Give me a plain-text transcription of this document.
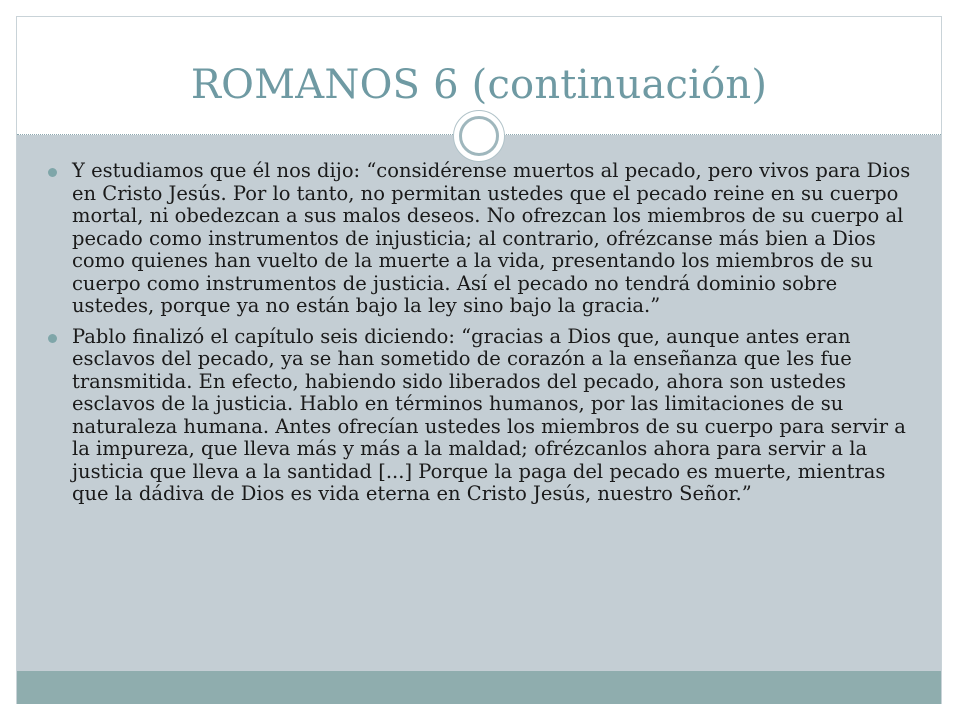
ROMANOS 6 (continuación)
Y estudiamos que él nos dijo: “considérense muertos al pecado, pero vivos para Dios en Cristo Jesús. Por lo tanto, no permitan ustedes que el pecado reine en su cuerpo mortal, ni obedezcan a sus malos deseos. No ofrezcan los miembros de su cuerpo al pecado como instrumentos de injusticia; al contrario, ofrézcanse más bien a Dios como quienes han vuelto de la muerte a la vida, presentando los miembros de su cuerpo como instrumentos de justicia. Así el pecado no tendrá dominio sobre ustedes, porque ya no están bajo la ley sino bajo la gracia.”
Pablo finalizó el capítulo seis diciendo: “gracias a Dios que, aunque antes eran esclavos del pecado, ya se han sometido de corazón a la enseñanza que les fue transmitida. En efecto, habiendo sido liberados del pecado, ahora son ustedes esclavos de la justicia. Hablo en términos humanos, por las limitaciones de su naturaleza humana. Antes ofrecían ustedes los miembros de su cuerpo para servir a la impureza, que lleva más y más a la maldad; ofrézcanlos ahora para servir a la justicia que lleva a la santidad [...] Porque la paga del pecado es muerte, mientras que la dádiva de Dios es vida eterna en Cristo Jesús, nuestro Señor.”
